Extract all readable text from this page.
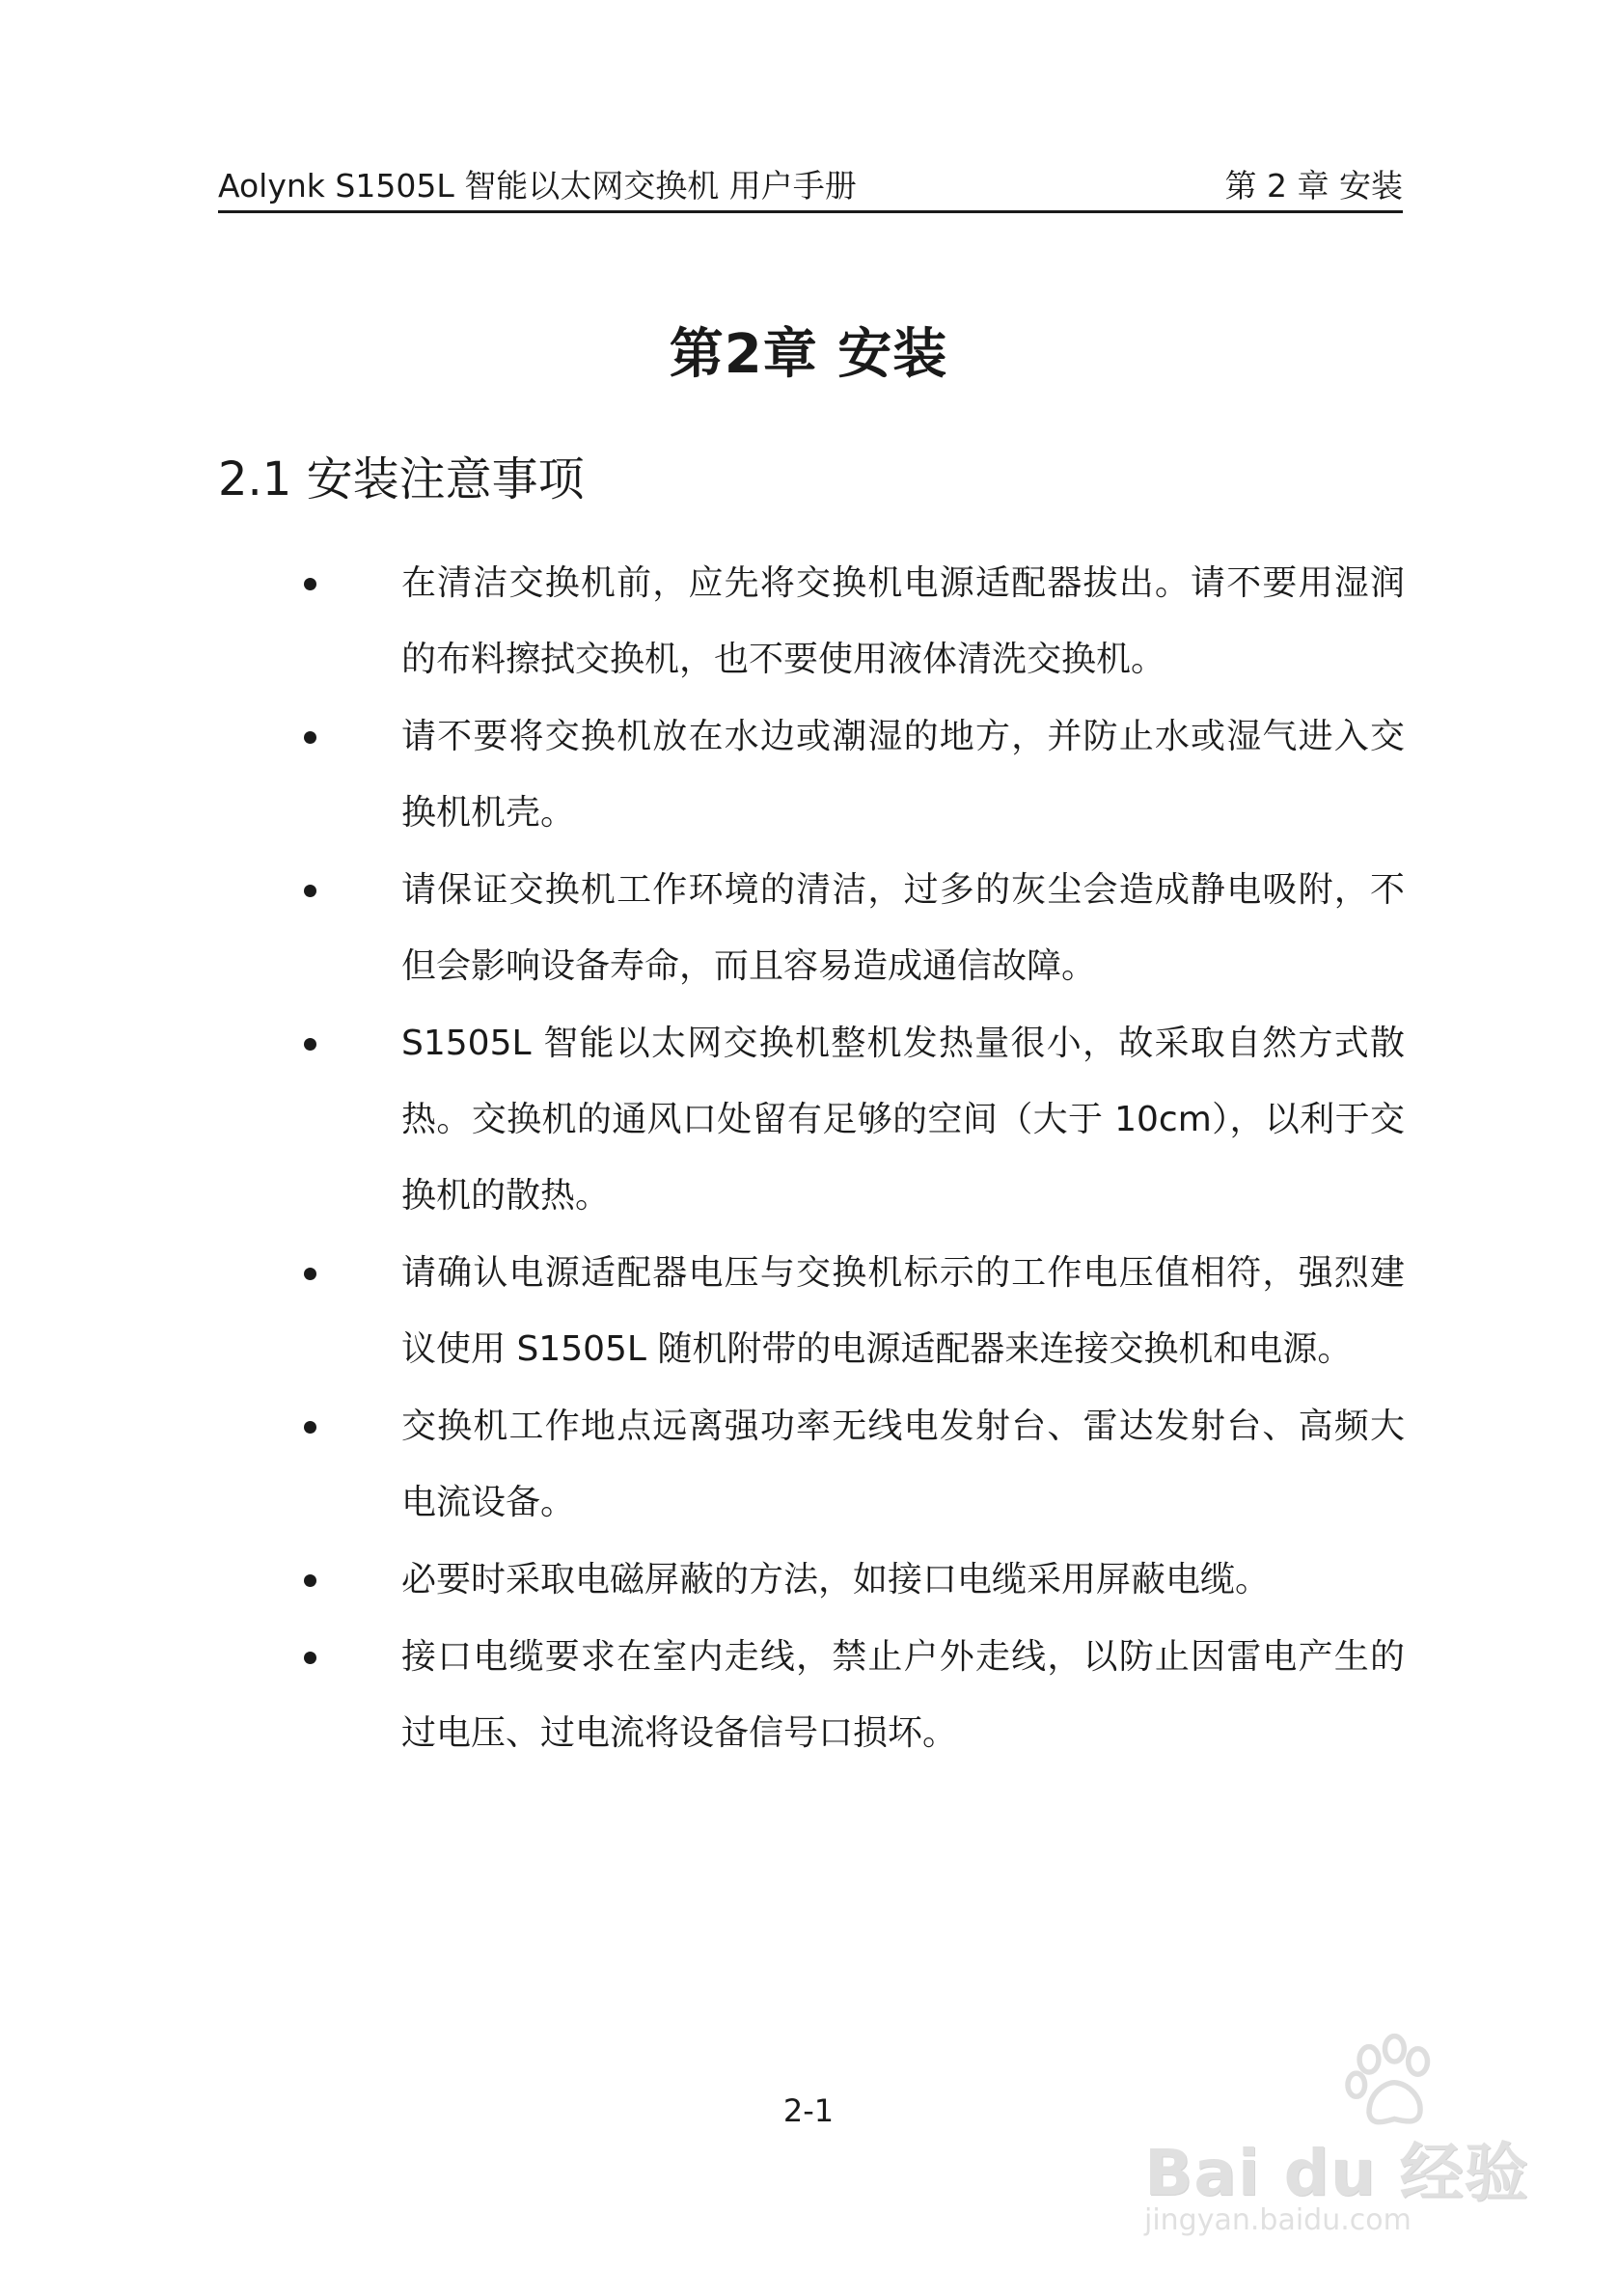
Aolynk S1505L 智能以太网交换机 用户手册	第 2 章 安装
第2章 安装
2.1 安装注意事项
在清洁交换机前，应先将交换机电源适配器拔出。请不要用湿润的布料擦拭交换机，也不要使用液体清洗交换机。
请不要将交换机放在水边或潮湿的地方，并防止水或湿气进入交换机机壳。
请保证交换机工作环境的清洁，过多的灰尘会造成静电吸附，不但会影响设备寿命，而且容易造成通信故障。
S1505L 智能以太网交换机整机发热量很小，故采取自然方式散热。交换机的通风口处留有足够的空间（大于 10cm），以利于交换机的散热。
请确认电源适配器电压与交换机标示的工作电压值相符，强烈建议使用 S1505L 随机附带的电源适配器来连接交换机和电源。
交换机工作地点远离强功率无线电发射台、雷达发射台、高频大电流设备。
必要时采取电磁屏蔽的方法，如接口电缆采用屏蔽电缆。
接口电缆要求在室内走线，禁止户外走线，以防止因雷电产生的过电压、过电流将设备信号口损坏。
2-1
Bai du 经验
jingyan.baidu.com
